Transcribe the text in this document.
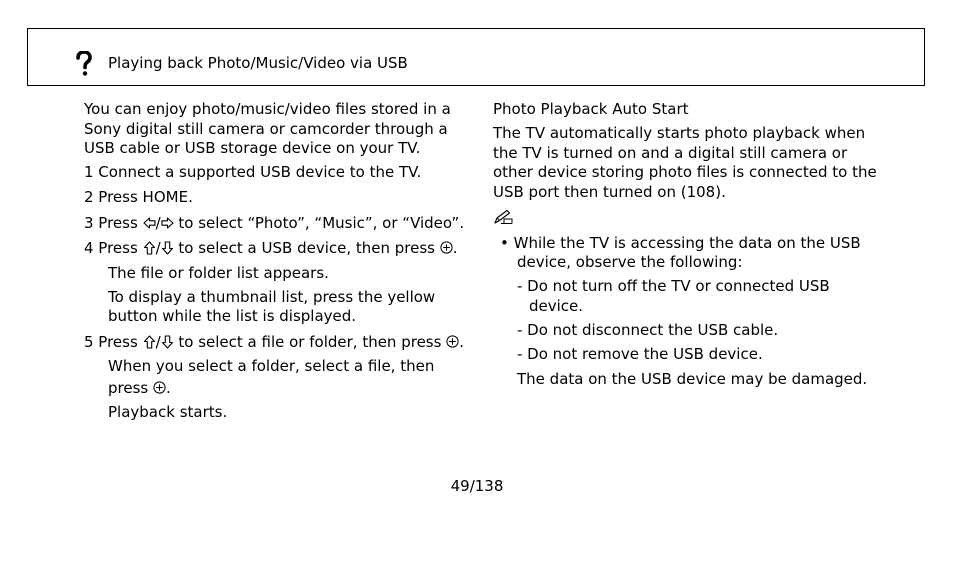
Playing back Photo/Music/Video via USB
You can enjoy photo/music/video files stored in a
Sony digital still camera or camcorder through a
USB cable or USB storage device on your TV.
1 Connect a supported USB device to the TV.
2 Press HOME.
3 Press / to select “Photo”, “Music”, or “Video”.
4 Press / to select a USB device, then press .
The file or folder list appears.
To display a thumbnail list, press the yellow
button while the list is displayed.
5 Press / to select a file or folder, then press .
When you select a folder, select a file, then
press .
Playback starts.
Photo Playback Auto Start
The TV automatically starts photo playback when
the TV is turned on and a digital still camera or
other device storing photo files is connected to the
USB port then turned on (108).
• While the TV is accessing the data on the USB
device, observe the following:
- Do not turn off the TV or connected USB
device.
- Do not disconnect the USB cable.
- Do not remove the USB device.
The data on the USB device may be damaged.
49/138
